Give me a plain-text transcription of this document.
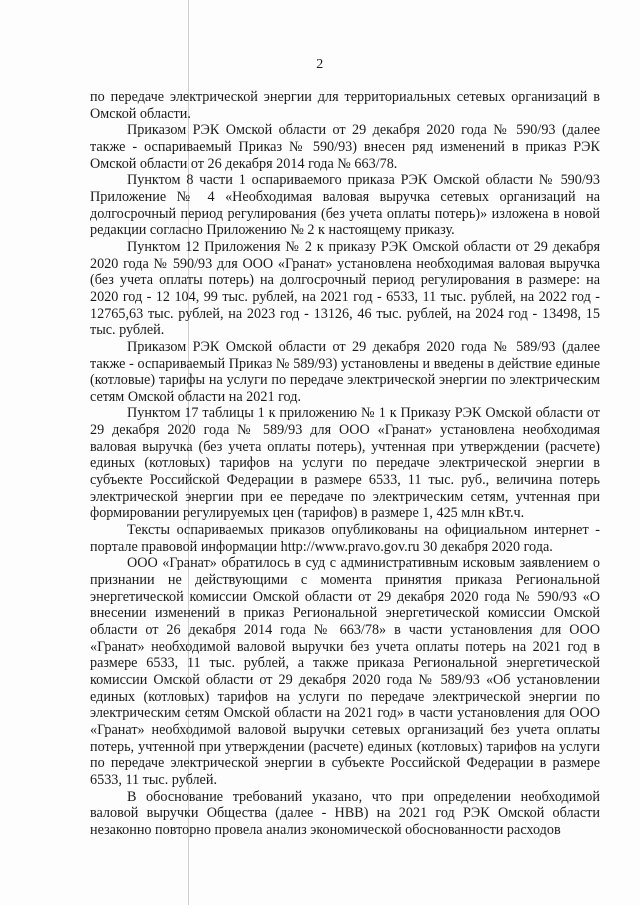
2

по передаче электрической энергии для территориальных сетевых организаций в Омской области.

Приказом РЭК Омской области от 29 декабря 2020 года № 590/93 (далее также - оспариваемый Приказ № 590/93) внесен ряд изменений в приказ РЭК Омской области от 26 декабря 2014 года № 663/78.

Пунктом 8 части 1 оспариваемого приказа РЭК Омской области № 590/93 Приложение № 4 «Необходимая валовая выручка сетевых организаций на долгосрочный период регулирования (без учета оплаты потерь)» изложена в новой редакции согласно Приложению № 2 к настоящему приказу.

Пунктом 12 Приложения № 2 к приказу РЭК Омской области от 29 декабря 2020 года № 590/93 для ООО «Гранат» установлена необходимая валовая выручка (без учета оплаты потерь) на долгосрочный период регулирования в размере: на 2020 год - 12 104, 99 тыс. рублей, на 2021 год - 6533, 11 тыс. рублей, на 2022 год - 12765,63 тыс. рублей, на 2023 год - 13126, 46 тыс. рублей, на 2024 год - 13498, 15 тыс. рублей.

Приказом РЭК Омской области от 29 декабря 2020 года № 589/93 (далее также - оспариваемый Приказ № 589/93) установлены и введены в действие единые (котловые) тарифы на услуги по передаче электрической энергии по электрическим сетям Омской области на 2021 год.

Пунктом 17 таблицы 1 к приложению № 1 к Приказу РЭК Омской области от 29 декабря 2020 года № 589/93 для ООО «Гранат» установлена необходимая валовая выручка (без учета оплаты потерь), учтенная при утверждении (расчете) единых (котловых) тарифов на услуги по передаче электрической энергии в субъекте Российской Федерации в размере 6533, 11 тыс. руб., величина потерь электрической энергии при ее передаче по электрическим сетям, учтенная при формировании регулируемых цен (тарифов) в размере 1, 425 млн кВт.ч.

Тексты оспариваемых приказов опубликованы на официальном интернет - портале правовой информации http://www.pravo.gov.ru 30 декабря 2020 года.

ООО «Гранат» обратилось в суд с административным исковым заявлением о признании не действующими с момента принятия приказа Региональной энергетической комиссии Омской области от 29 декабря 2020 года № 590/93 «О внесении изменений в приказ Региональной энергетической комиссии Омской области от 26 декабря 2014 года № 663/78» в части установления для ООО «Гранат» необходимой валовой выручки без учета оплаты потерь на 2021 год в размере 6533, 11 тыс. рублей, а также приказа Региональной энергетической комиссии Омской области от 29 декабря 2020 года № 589/93 «Об установлении единых (котловых) тарифов на услуги по передаче электрической энергии по электрическим сетям Омской области на 2021 год» в части установления для ООО «Гранат» необходимой валовой выручки сетевых организаций без учета оплаты потерь, учтенной при утверждении (расчете) единых (котловых) тарифов на услуги по передаче электрической энергии в субъекте Российской Федерации в размере 6533, 11 тыс. рублей.

В обоснование требований указано, что при определении необходимой валовой выручки Общества (далее - НВВ) на 2021 год РЭК Омской области незаконно повторно провела анализ экономической обоснованности расходов
